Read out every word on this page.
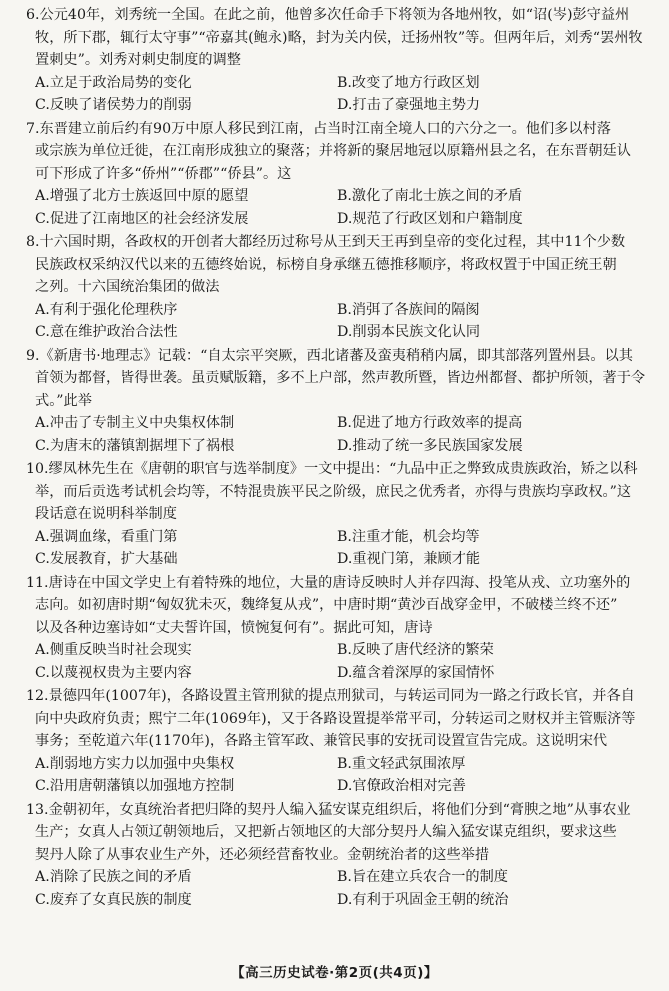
6.公元40年，刘秀统一全国。在此之前，他曾多次任命手下将领为各地州牧，如“诏(岑)彭守益州
牧，所下郡，辄行太守事”“帝嘉其(鲍永)略，封为关内侯，迁扬州牧”等。但两年后，刘秀“罢州牧
置刺史”。刘秀对刺史制度的调整
A.立足于政治局势的变化	B.改变了地方行政区划
C.反映了诸侯势力的削弱	D.打击了豪强地主势力
7.东晋建立前后约有90万中原人移民到江南，占当时江南全境人口的六分之一。他们多以村落
或宗族为单位迁徙，在江南形成独立的聚落；并将新的聚居地冠以原籍州县之名，在东晋朝廷认
可下形成了许多“侨州”“侨郡”“侨县”。这
A.增强了北方士族返回中原的愿望	B.激化了南北士族之间的矛盾
C.促进了江南地区的社会经济发展	D.规范了行政区划和户籍制度
8.十六国时期，各政权的开创者大都经历过称号从王到天王再到皇帝的变化过程，其中11个少数
民族政权采纳汉代以来的五德终始说，标榜自身承继五德推移顺序，将政权置于中国正统王朝
之列。十六国统治集团的做法
A.有利于强化伦理秩序	B.消弭了各族间的隔阂
C.意在维护政治合法性	D.削弱本民族文化认同
9.《新唐书·地理志》记载：“自太宗平突厥，西北诸蕃及蛮夷稍稍内属，即其部落列置州县。以其
首领为都督，皆得世袭。虽贡赋版籍，多不上户部，然声教所暨，皆边州都督、都护所领，著于令
式。”此举
A.冲击了专制主义中央集权体制	B.促进了地方行政效率的提高
C.为唐末的藩镇割据埋下了祸根	D.推动了统一多民族国家发展
10.缪凤林先生在《唐朝的职官与选举制度》一文中提出：“九品中正之弊致成贵族政治，矫之以科
举，而后贡选考试机会均等，不特混贵族平民之阶级，庶民之优秀者，亦得与贵族均享政权。”这
段话意在说明科举制度
A.强调血缘，看重门第	B.注重才能，机会均等
C.发展教育，扩大基础	D.重视门第，兼顾才能
11.唐诗在中国文学史上有着特殊的地位，大量的唐诗反映时人并存四海、投笔从戎、立功塞外的
志向。如初唐时期“匈奴犹未灭，魏绛复从戎”，中唐时期“黄沙百战穿金甲，不破楼兰终不还”
以及各种边塞诗如“丈夫誓许国，愤惋复何有”。据此可知，唐诗
A.侧重反映当时社会现实	B.反映了唐代经济的繁荣
C.以蔑视权贵为主要内容	D.蕴含着深厚的家国情怀
12.景德四年(1007年)，各路设置主管刑狱的提点刑狱司，与转运司同为一路之行政长官，并各自
向中央政府负责；熙宁二年(1069年)，又于各路设置提举常平司，分转运司之财权并主管赈济等
事务；至乾道六年(1170年)，各路主管军政、兼管民事的安抚司设置宣告完成。这说明宋代
A.削弱地方实力以加强中央集权	B.重文轻武氛围浓厚
C.沿用唐朝藩镇以加强地方控制	D.官僚政治相对完善
13.金朝初年，女真统治者把归降的契丹人编入猛安谋克组织后，将他们分到“膏腴之地”从事农业
生产；女真人占领辽朝领地后，又把新占领地区的大部分契丹人编入猛安谋克组织，要求这些
契丹人除了从事农业生产外，还必须经营畜牧业。金朝统治者的这些举措
A.消除了民族之间的矛盾	B.旨在建立兵农合一的制度
C.废弃了女真民族的制度	D.有利于巩固金王朝的统治
【高三历史试卷·第2页(共4页)】
